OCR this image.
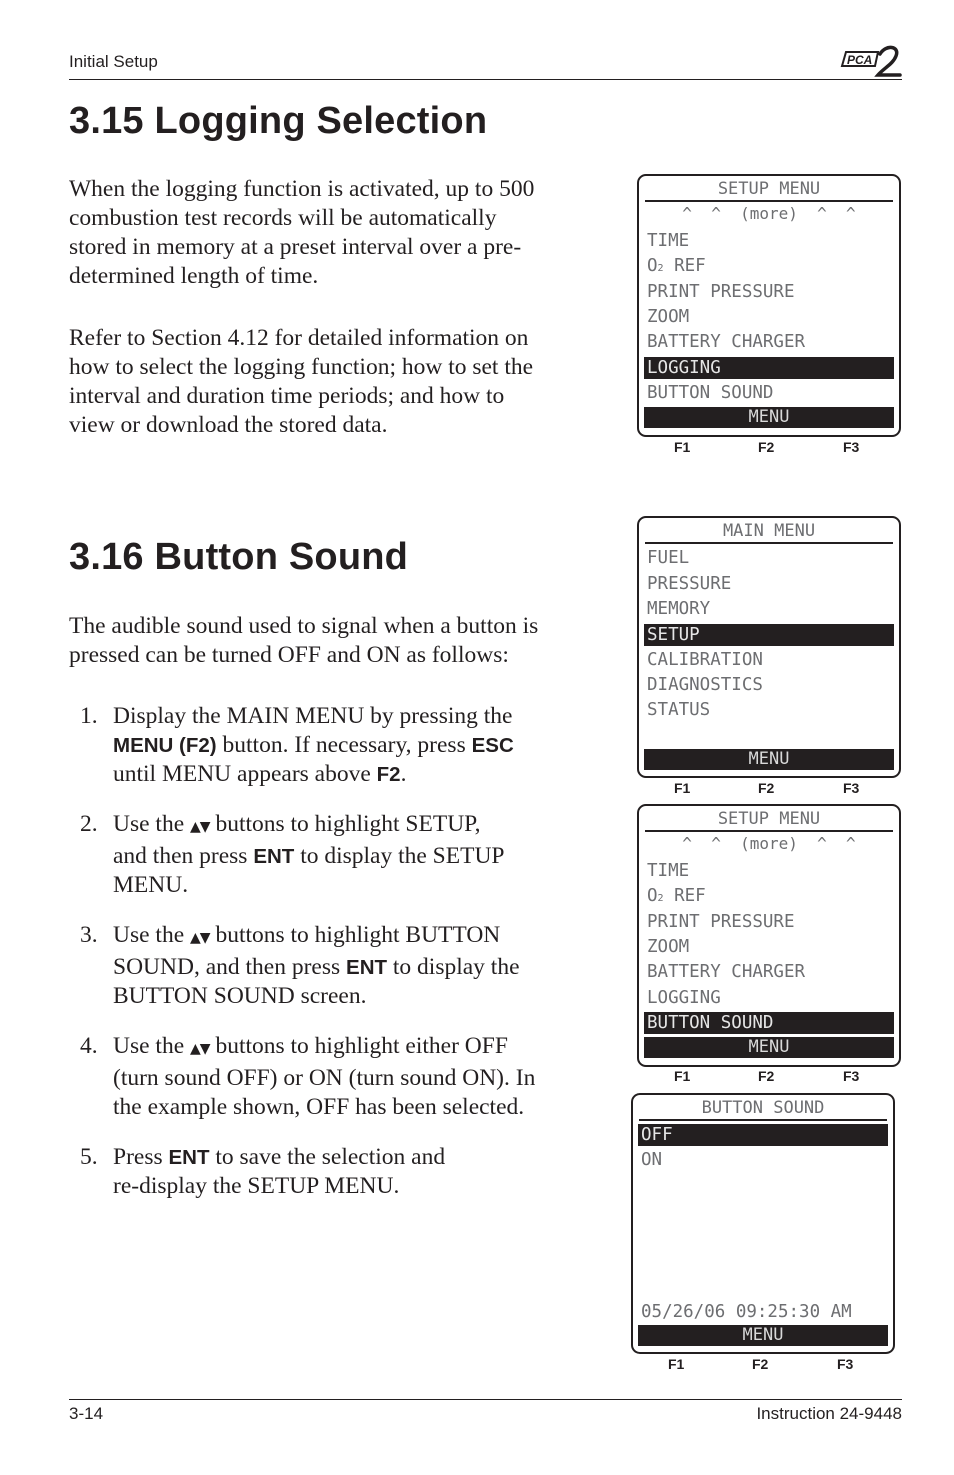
Initial Setup	PCA
3.15 Logging Selection

When the logging function is activated, up to 500
combustion test records will be automatically
stored in memory at a preset interval over a pre-
determined length of time.

Refer to Section 4.12 for detailed information on
how to select the logging function; how to set the
interval and duration time periods; and how to
view or download the stored data.

SETUP MENU
^  ^  (more)  ^  ^
TIME
O2 REF
PRINT PRESSURE
ZOOM
BATTERY CHARGER
LOGGING
BUTTON SOUND
MENU
F1	F2	F3
3.16 Button Sound

The audible sound used to signal when a button is
pressed can be turned OFF and ON as follows:

1. Display the MAIN MENU by pressing the
MENU (F2) button. If necessary, press ESC
until MENU appears above F2.
2. Use the ▲▼ buttons to highlight SETUP,
and then press ENT to display the SETUP
MENU.
3. Use the ▲▼ buttons to highlight BUTTON
SOUND, and then press ENT to display the
BUTTON SOUND screen.
4. Use the ▲▼ buttons to highlight either OFF
(turn sound OFF) or ON (turn sound ON). In
the example shown, OFF has been selected.
5. Press ENT to save the selection and
re-display the SETUP MENU.
MAIN MENU
FUEL
PRESSURE
MEMORY
SETUP
CALIBRATION
DIAGNOSTICS
STATUS
MENU
F1	F2	F3
SETUP MENU
^  ^  (more)  ^  ^
TIME
O2 REF
PRINT PRESSURE
ZOOM
BATTERY CHARGER
LOGGING
BUTTON SOUND
MENU
F1	F2	F3
BUTTON SOUND
OFF
ON
05/26/06 09:25:30 AM
MENU
F1	F2	F3
3-14	Instruction 24-9448
